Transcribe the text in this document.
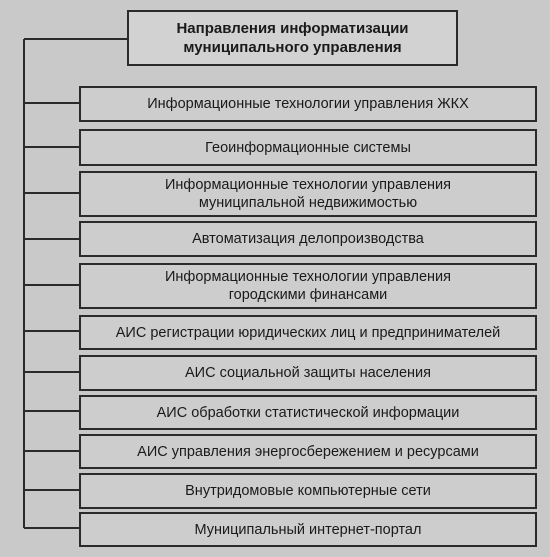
Направления информатизации
муниципального управления
Информационные технологии управления ЖКХ
Геоинформационные системы
Информационные технологии управления
муниципальной недвижимостью
Автоматизация делопроизводства
Информационные технологии управления
городскими финансами
АИС регистрации юридических лиц и предпринимателей
АИС социальной защиты населения
АИС обработки статистической информации
АИС управления энергосбережением и ресурсами
Внутридомовые компьютерные сети
Муниципальный интернет-портал
